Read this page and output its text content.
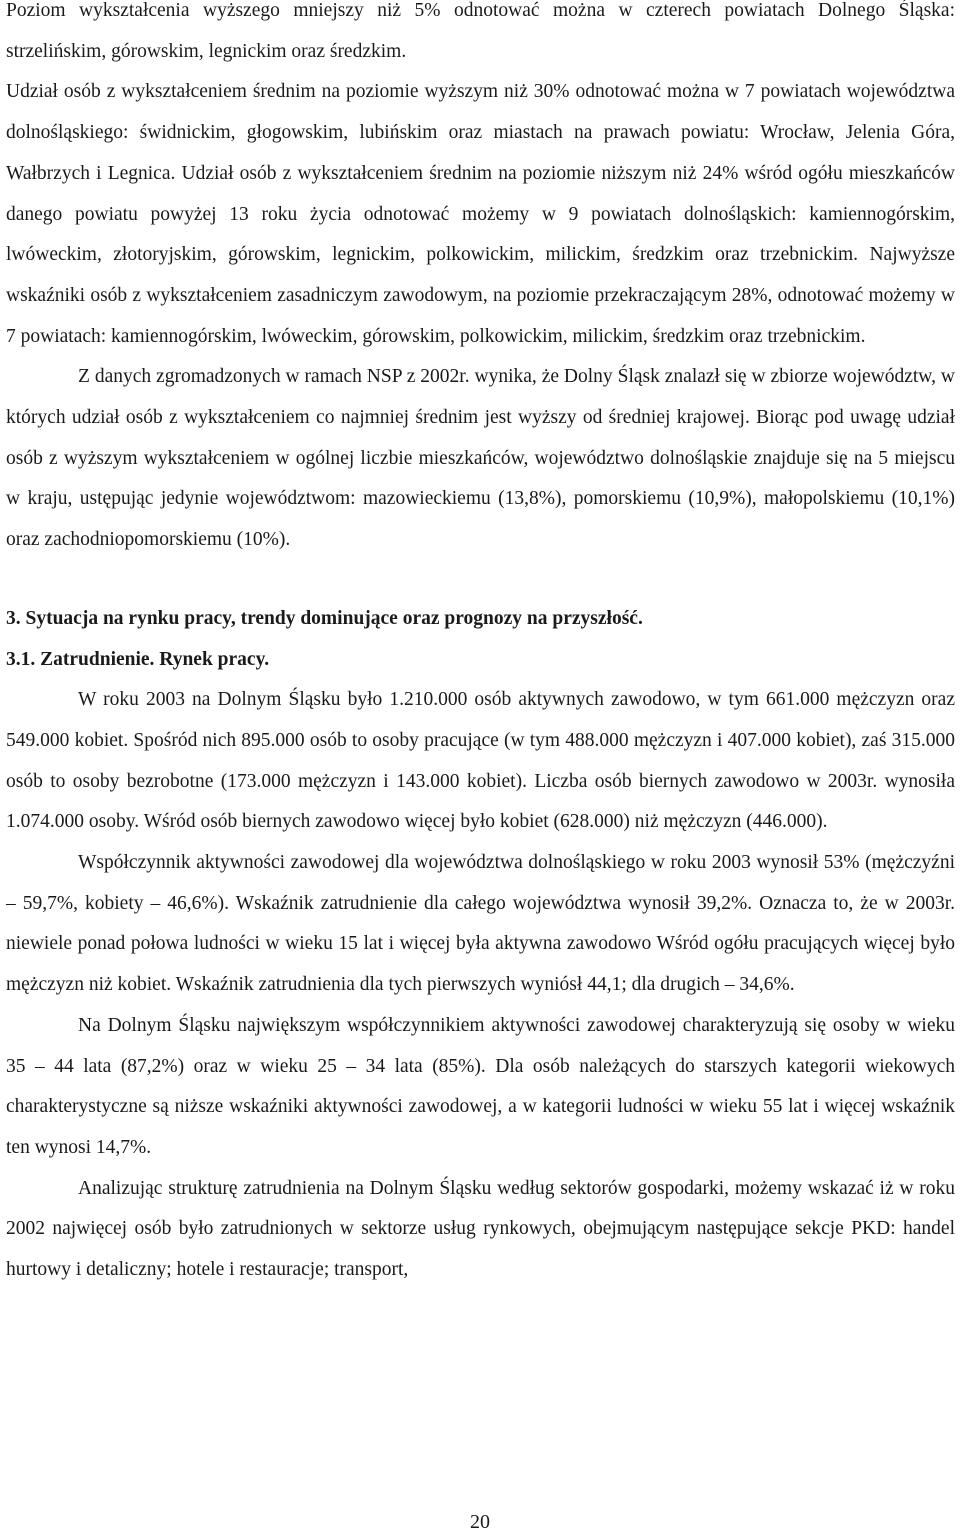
Poziom wykształcenia wyższego mniejszy niż 5% odnotować można w czterech powiatach Dolnego Śląska: strzelińskim, górowskim, legnickim oraz średzkim.

Udział osób z wykształceniem średnim na poziomie wyższym niż 30% odnotować można w 7 powiatach województwa dolnośląskiego: świdnickim, głogowskim, lubińskim oraz miastach na prawach powiatu: Wrocław, Jelenia Góra, Wałbrzych i Legnica. Udział osób z wykształceniem średnim na poziomie niższym niż 24% wśród ogółu mieszkańców danego powiatu powyżej 13 roku życia odnotować możemy w 9 powiatach dolnośląskich: kamiennogórskim, lwóweckim, złotoryjskim, górowskim, legnickim, polkowickim, milickim, średzkim oraz trzebnickim. Najwyższe wskaźniki osób z wykształceniem zasadniczym zawodowym, na poziomie przekraczającym 28%, odnotować możemy w 7 powiatach: kamiennogórskim, lwóweckim, górowskim, polkowickim, milickim, średzkim oraz trzebnickim.

Z danych zgromadzonych w ramach NSP z 2002r. wynika, że Dolny Śląsk znalazł się w zbiorze województw, w których udział osób z wykształceniem co najmniej średnim jest wyższy od średniej krajowej. Biorąc pod uwagę udział osób z wyższym wykształceniem w ogólnej liczbie mieszkańców, województwo dolnośląskie znajduje się na 5 miejscu w kraju, ustępując jedynie województwom: mazowieckiemu (13,8%), pomorskiemu (10,9%), małopolskiemu (10,1%) oraz zachodniopomorskiemu (10%).

3. Sytuacja na rynku pracy, trendy dominujące oraz prognozy na przyszłość.

3.1. Zatrudnienie. Rynek pracy.

W roku 2003 na Dolnym Śląsku było 1.210.000 osób aktywnych zawodowo, w tym 661.000 mężczyzn oraz 549.000 kobiet. Spośród nich 895.000 osób to osoby pracujące (w tym 488.000 mężczyzn i 407.000 kobiet), zaś 315.000 osób to osoby bezrobotne (173.000 mężczyzn i 143.000 kobiet). Liczba osób biernych zawodowo w 2003r. wynosiła 1.074.000 osoby. Wśród osób biernych zawodowo więcej było kobiet (628.000) niż mężczyzn (446.000).

Współczynnik aktywności zawodowej dla województwa dolnośląskiego w roku 2003 wynosił 53% (mężczyźni – 59,7%, kobiety – 46,6%). Wskaźnik zatrudnienie dla całego województwa wynosił 39,2%. Oznacza to, że w 2003r. niewiele ponad połowa ludności w wieku 15 lat i więcej była aktywna zawodowo Wśród ogółu pracujących więcej było mężczyzn niż kobiet. Wskaźnik zatrudnienia dla tych pierwszych wyniósł 44,1; dla drugich – 34,6%.

Na Dolnym Śląsku największym współczynnikiem aktywności zawodowej charakteryzują się osoby w wieku 35 – 44 lata (87,2%) oraz w wieku 25 – 34 lata (85%). Dla osób należących do starszych kategorii wiekowych charakterystyczne są niższe wskaźniki aktywności zawodowej, a w kategorii ludności w wieku 55 lat i więcej wskaźnik ten wynosi 14,7%.

Analizując strukturę zatrudnienia na Dolnym Śląsku według sektorów gospodarki, możemy wskazać iż w roku 2002 najwięcej osób było zatrudnionych w sektorze usług rynkowych, obejmującym następujące sekcje PKD: handel hurtowy i detaliczny; hotele i restauracje; transport,

20
